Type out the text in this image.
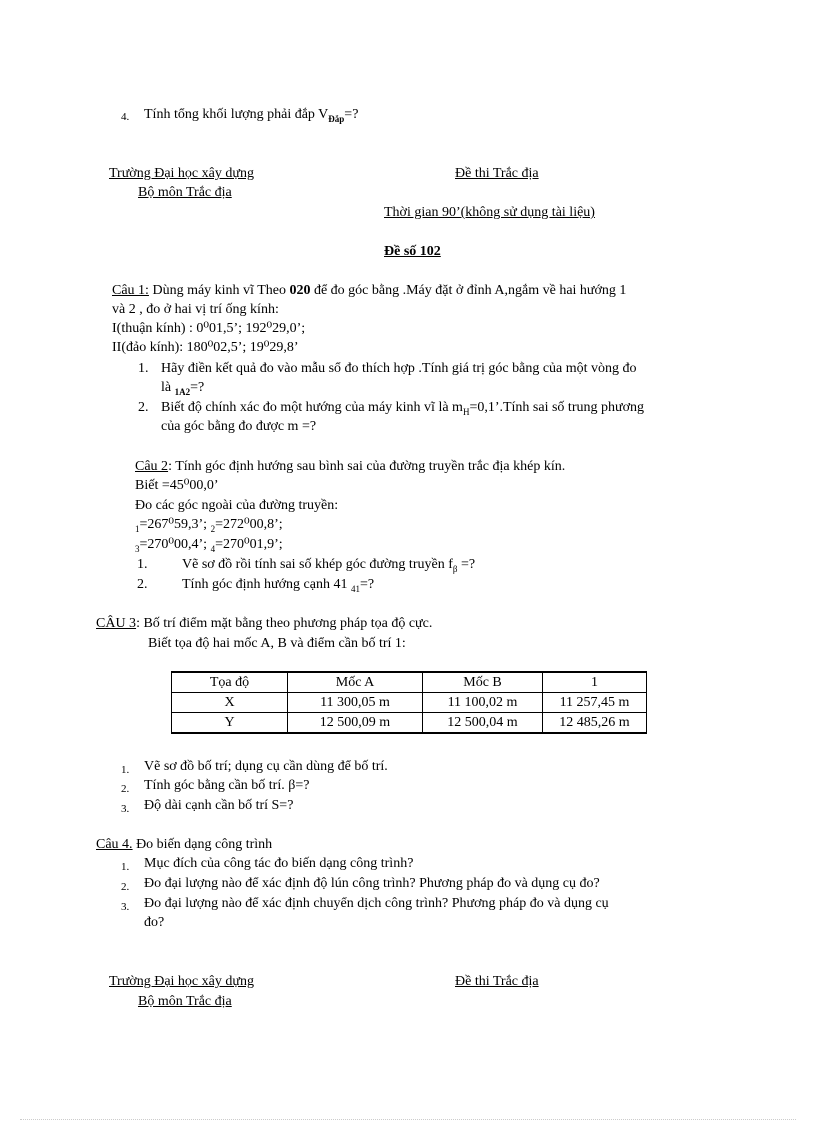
4. Tính tổng khối lượng phải đắp $V_{Đắp}=$?
Trường Đại học xây dựng
Bộ môn Trắc địa
Đề thi Trắc địa
Thời gian 90’(không sử dụng tài liệu)
Đề số 102
Câu 1: Dùng máy kinh vĩ Theo 020 để đo góc bằng .Máy đặt ở đỉnh A,ngắm về hai hướng 1
và 2 , đo ở hai vị trí ống kính:
I(thuận kính) : 0⁰01,5’; 192⁰29,0’;
II(đảo kính): 180⁰02,5’; 19⁰29,8’
1. Hãy điền kết quả đo vào mẫu sổ đo thích hợp .Tính giá trị góc bằng của một vòng đo
là $_{1A2}$=?
2. Biết độ chính xác đo một hướng của máy kinh vĩ là $m_H=0,1’.Tính$ sai số trung phương
của góc bằng đo được m =?
Câu 2: Tính góc định hướng sau bình sai của đường truyền trắc địa khép kín.
Biết =45⁰00,0’
Đo các góc ngoài của đường truyền:
$_1$=267⁰59,3’; $_2$=272⁰00,8’;
$_3$=270⁰00,4’; $_4$=270⁰01,9’;
1. Vẽ sơ đồ rồi tính sai số khép góc đường truyền $f_\beta$ =?
2. Tính góc định hướng cạnh 41 $_{41}$=?
CÂU 3: Bố trí điểm mặt bằng theo phương pháp tọa độ cực.
Biết tọa độ hai mốc A, B và điểm cần bố trí 1:
Tọa độ	Mốc A	Mốc B	1
X	11 300,05 m	11 100,02 m	11 257,45 m
Y	12 500,09 m	12 500,04 m	12 485,26 m
1. Vẽ sơ đồ bố trí; dụng cụ cần dùng để bố trí.
2. Tính góc bằng cần bố trí. β=?
3. Độ dài cạnh cần bố trí S=?
Câu 4. Đo biến dạng công trình
1. Mục đích của công tác đo biến dạng công trình?
2. Đo đại lượng nào để xác định độ lún công trình? Phương pháp đo và dụng cụ đo?
3. Đo đại lượng nào để xác định chuyển dịch công trình? Phương pháp đo và dụng cụ
đo?
Trường Đại học xây dựng
Bộ môn Trắc địa
Đề thi Trắc địa
